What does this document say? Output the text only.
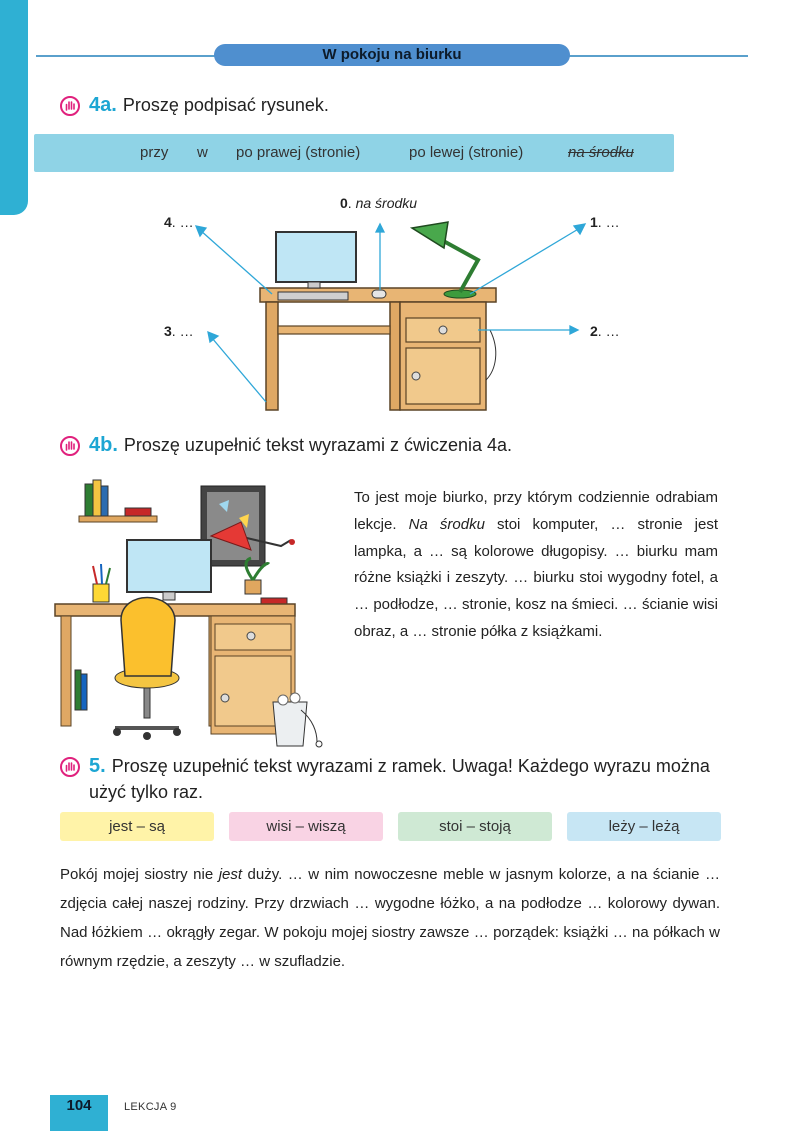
W pokoju na biurku
4a. Proszę podpisać rysunek.
przy w po prawej (stronie)	po lewej (stronie)	na środku
0. na środku
1. …
2. …
3. …
4. …
4b. Proszę uzupełnić tekst wyrazami z ćwiczenia 4a.

To jest moje biurko, przy którym codziennie odrabiam lekcje. Na środku stoi komputer, … stronie jest lampka, a … są kolorowe długopisy. … biurku mam różne książki i zeszyty. … biurku stoi wygodny fotel, a … podłodze, … stronie, kosz na śmieci. … ścianie wisi obraz, a … stronie półka z książkami.

5. Proszę uzupełnić tekst wyrazami z ramek. Uwaga! Każdego wyrazu można użyć tylko raz.
jest – są	wisi – wiszą	stoi – stoją	leży – leżą
Pokój mojej siostry nie jest duży. … w nim nowoczesne meble w jasnym kolorze, a na ścianie … zdjęcia całej naszej rodziny. Przy drzwiach … wygodne łóżko, a na podłodze … kolorowy dywan. Nad łóżkiem … okrągły zegar. W pokoju mojej siostry zawsze … porządek: książki … na półkach w równym rzędzie, a zeszyty … w szufladzie.
104	LEKCJA 9
